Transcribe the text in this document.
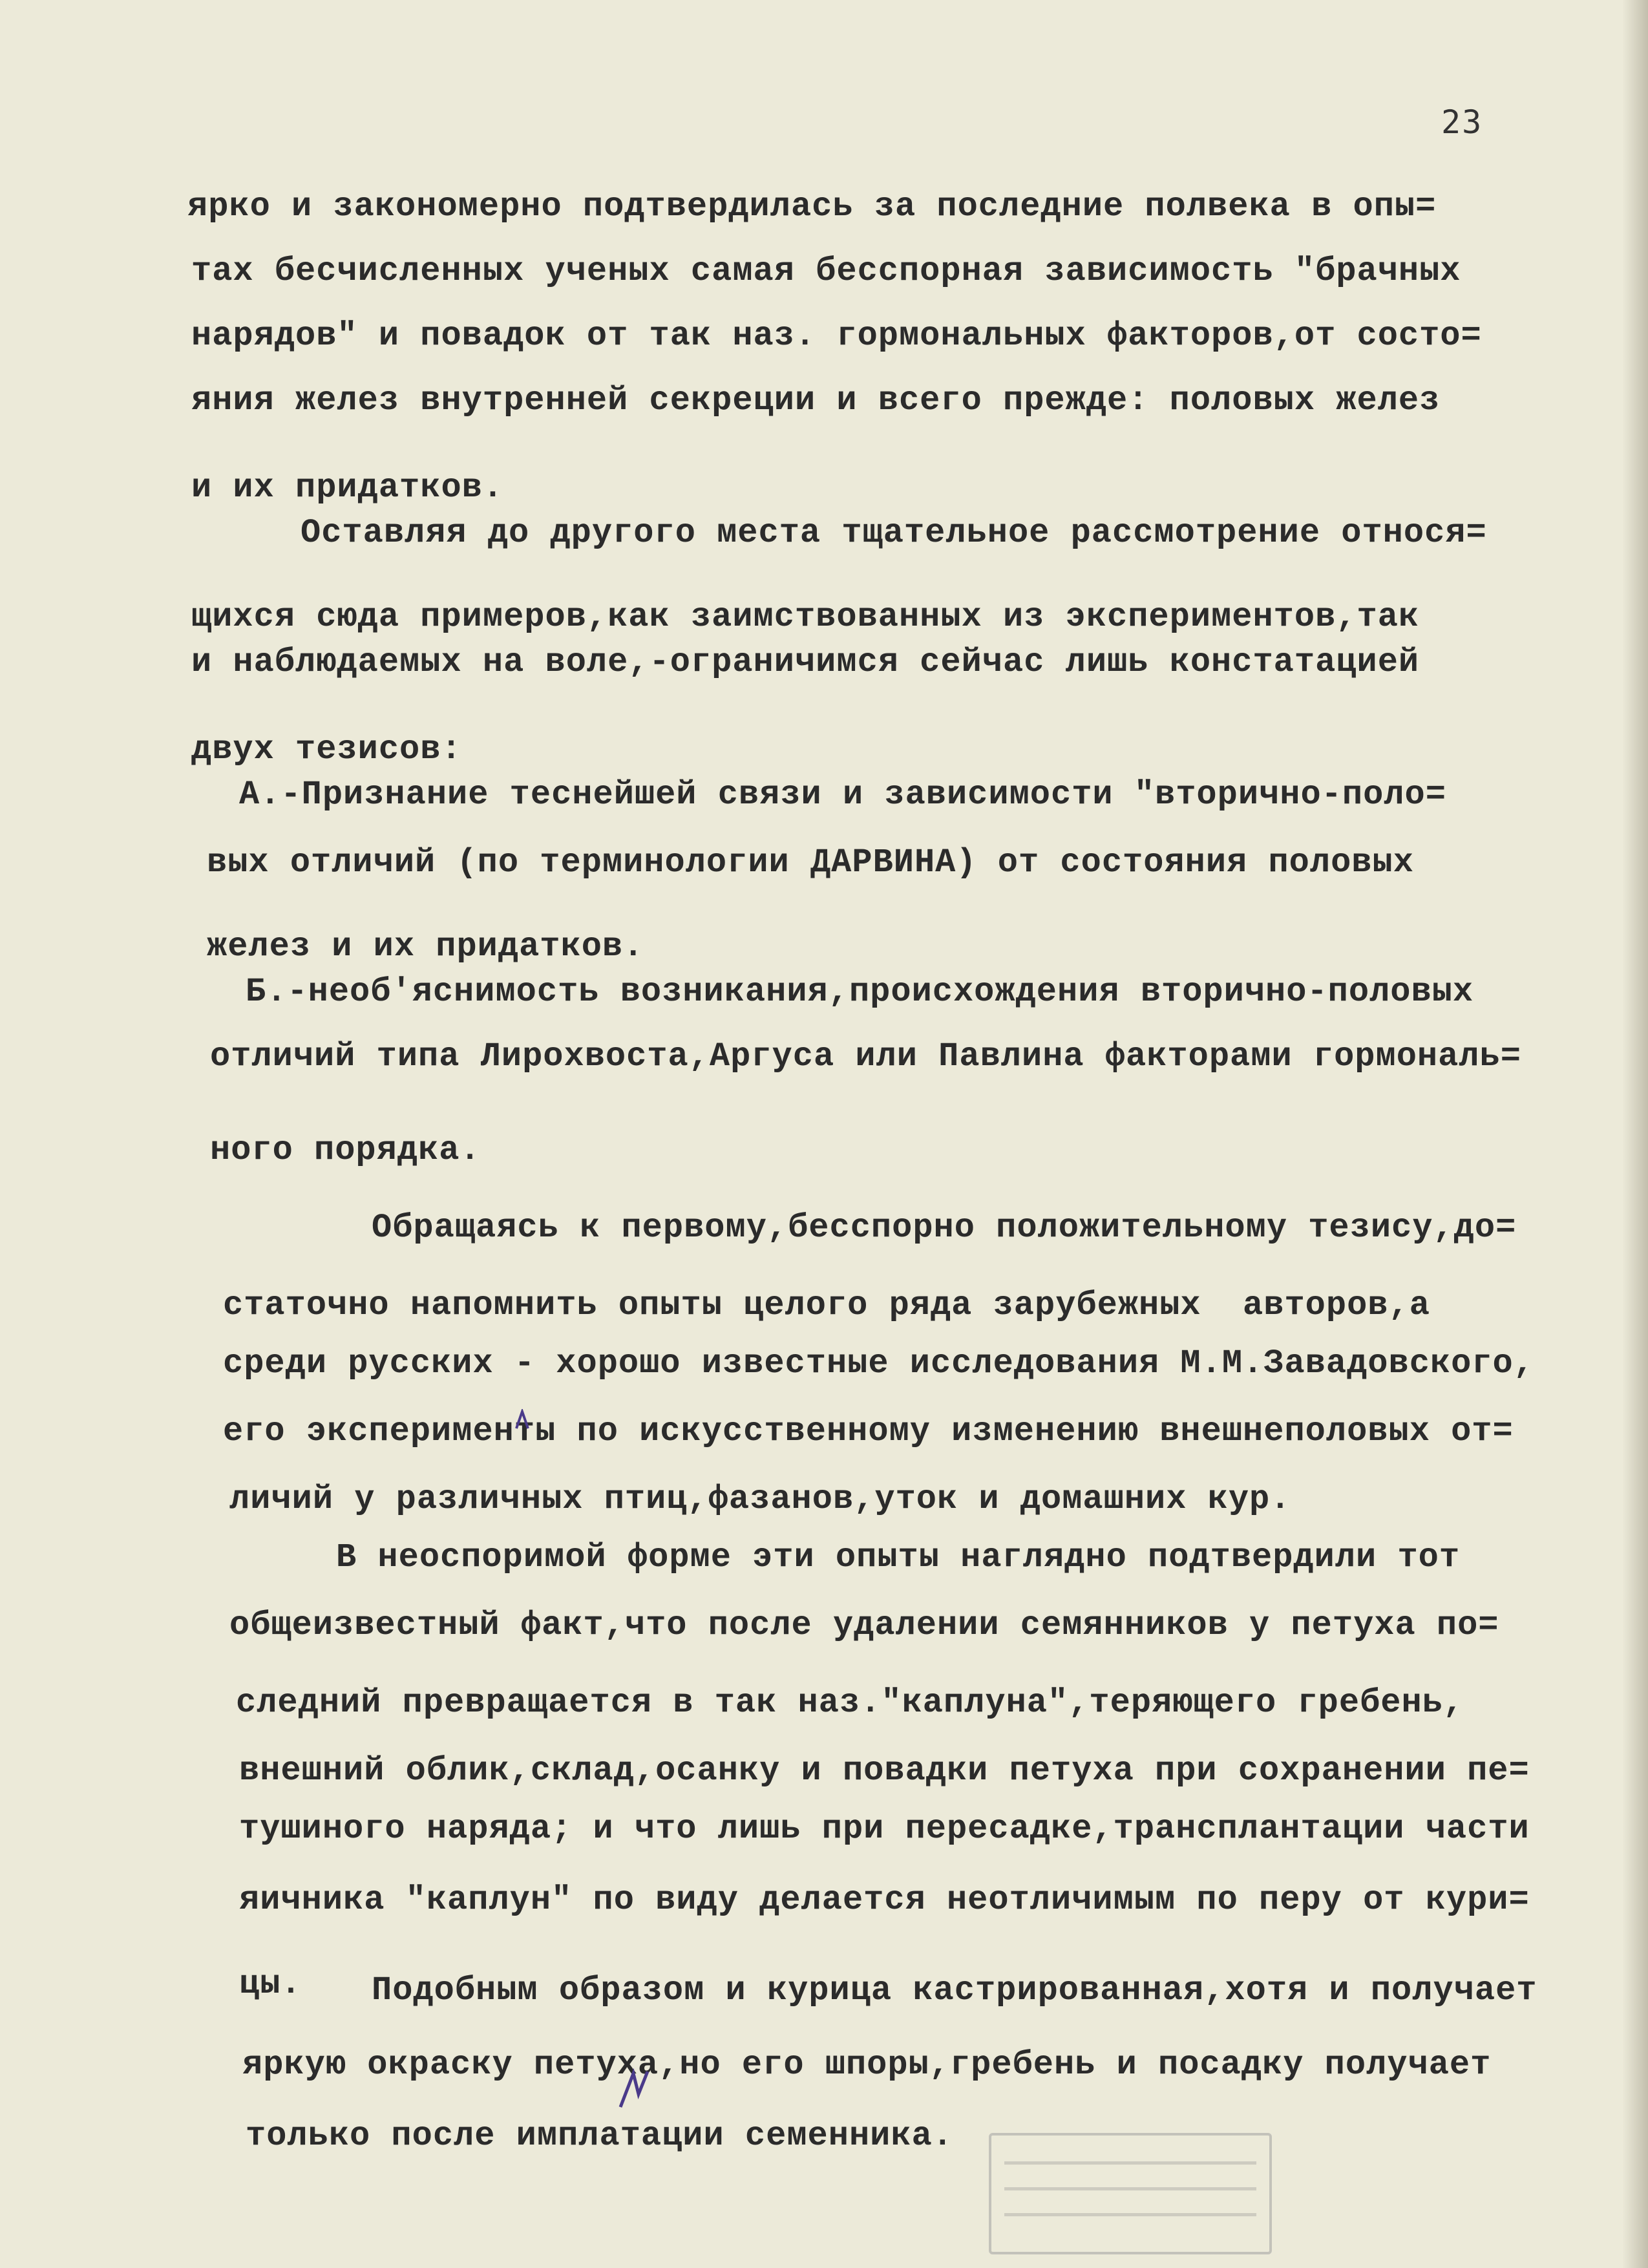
23
ярко и закономерно подтвердилась за последние полвека в опы=
тах бесчисленных ученых самая бесспорная зависимость "брачных
нарядов" и повадок от так наз. гормональных факторов,от состо=
яния желез внутренней секреции и всего прежде: половых желез
и их придатков.
Оставляя до другого места тщательное рассмотрение относя=
щихся сюда примеров,как заимствованных из экспериментов,так
и наблюдаемых на воле,-ограничимся сейчас лишь констатацией
двух тезисов:
А.-Признание теснейшей связи и зависимости "вторично-поло=
вых отличий (по терминологии ДАРВИНА) от состояния половых
желез и их придатков.
Б.-необ'яснимость возникания,происхождения вторично-половых
отличий типа Лирохвоста,Аргуса или Павлина факторами гормональ=
ного порядка.
Обращаясь к первому,бесспорно положительному тезису,до=
статочно напомнить опыты целого ряда зарубежных  авторов,а
среди русских - хорошо известные исследования М.М.Завадовского,
его эксперименты по искусственному изменению внешнеполовых от=
личий у различных птиц,фазанов,уток и домашних кур.
В неоспоримой форме эти опыты наглядно подтвердили тот
общеизвестный факт,что после удалении семянников у петуха по=
следний превращается в так наз."каплуна",теряющего гребень,
внешний облик,склад,осанку и повадки петуха при сохранении пе=
тушиного наряда; и что лишь при пересадке,трансплантации части
яичника "каплун" по виду делается неотличимым по перу от кури=
цы. Подобным образом и курица кастрированная,хотя и получает
яркую окраску петуха,но его шпоры,гребень и посадку получает
только после имплатации семенника.
